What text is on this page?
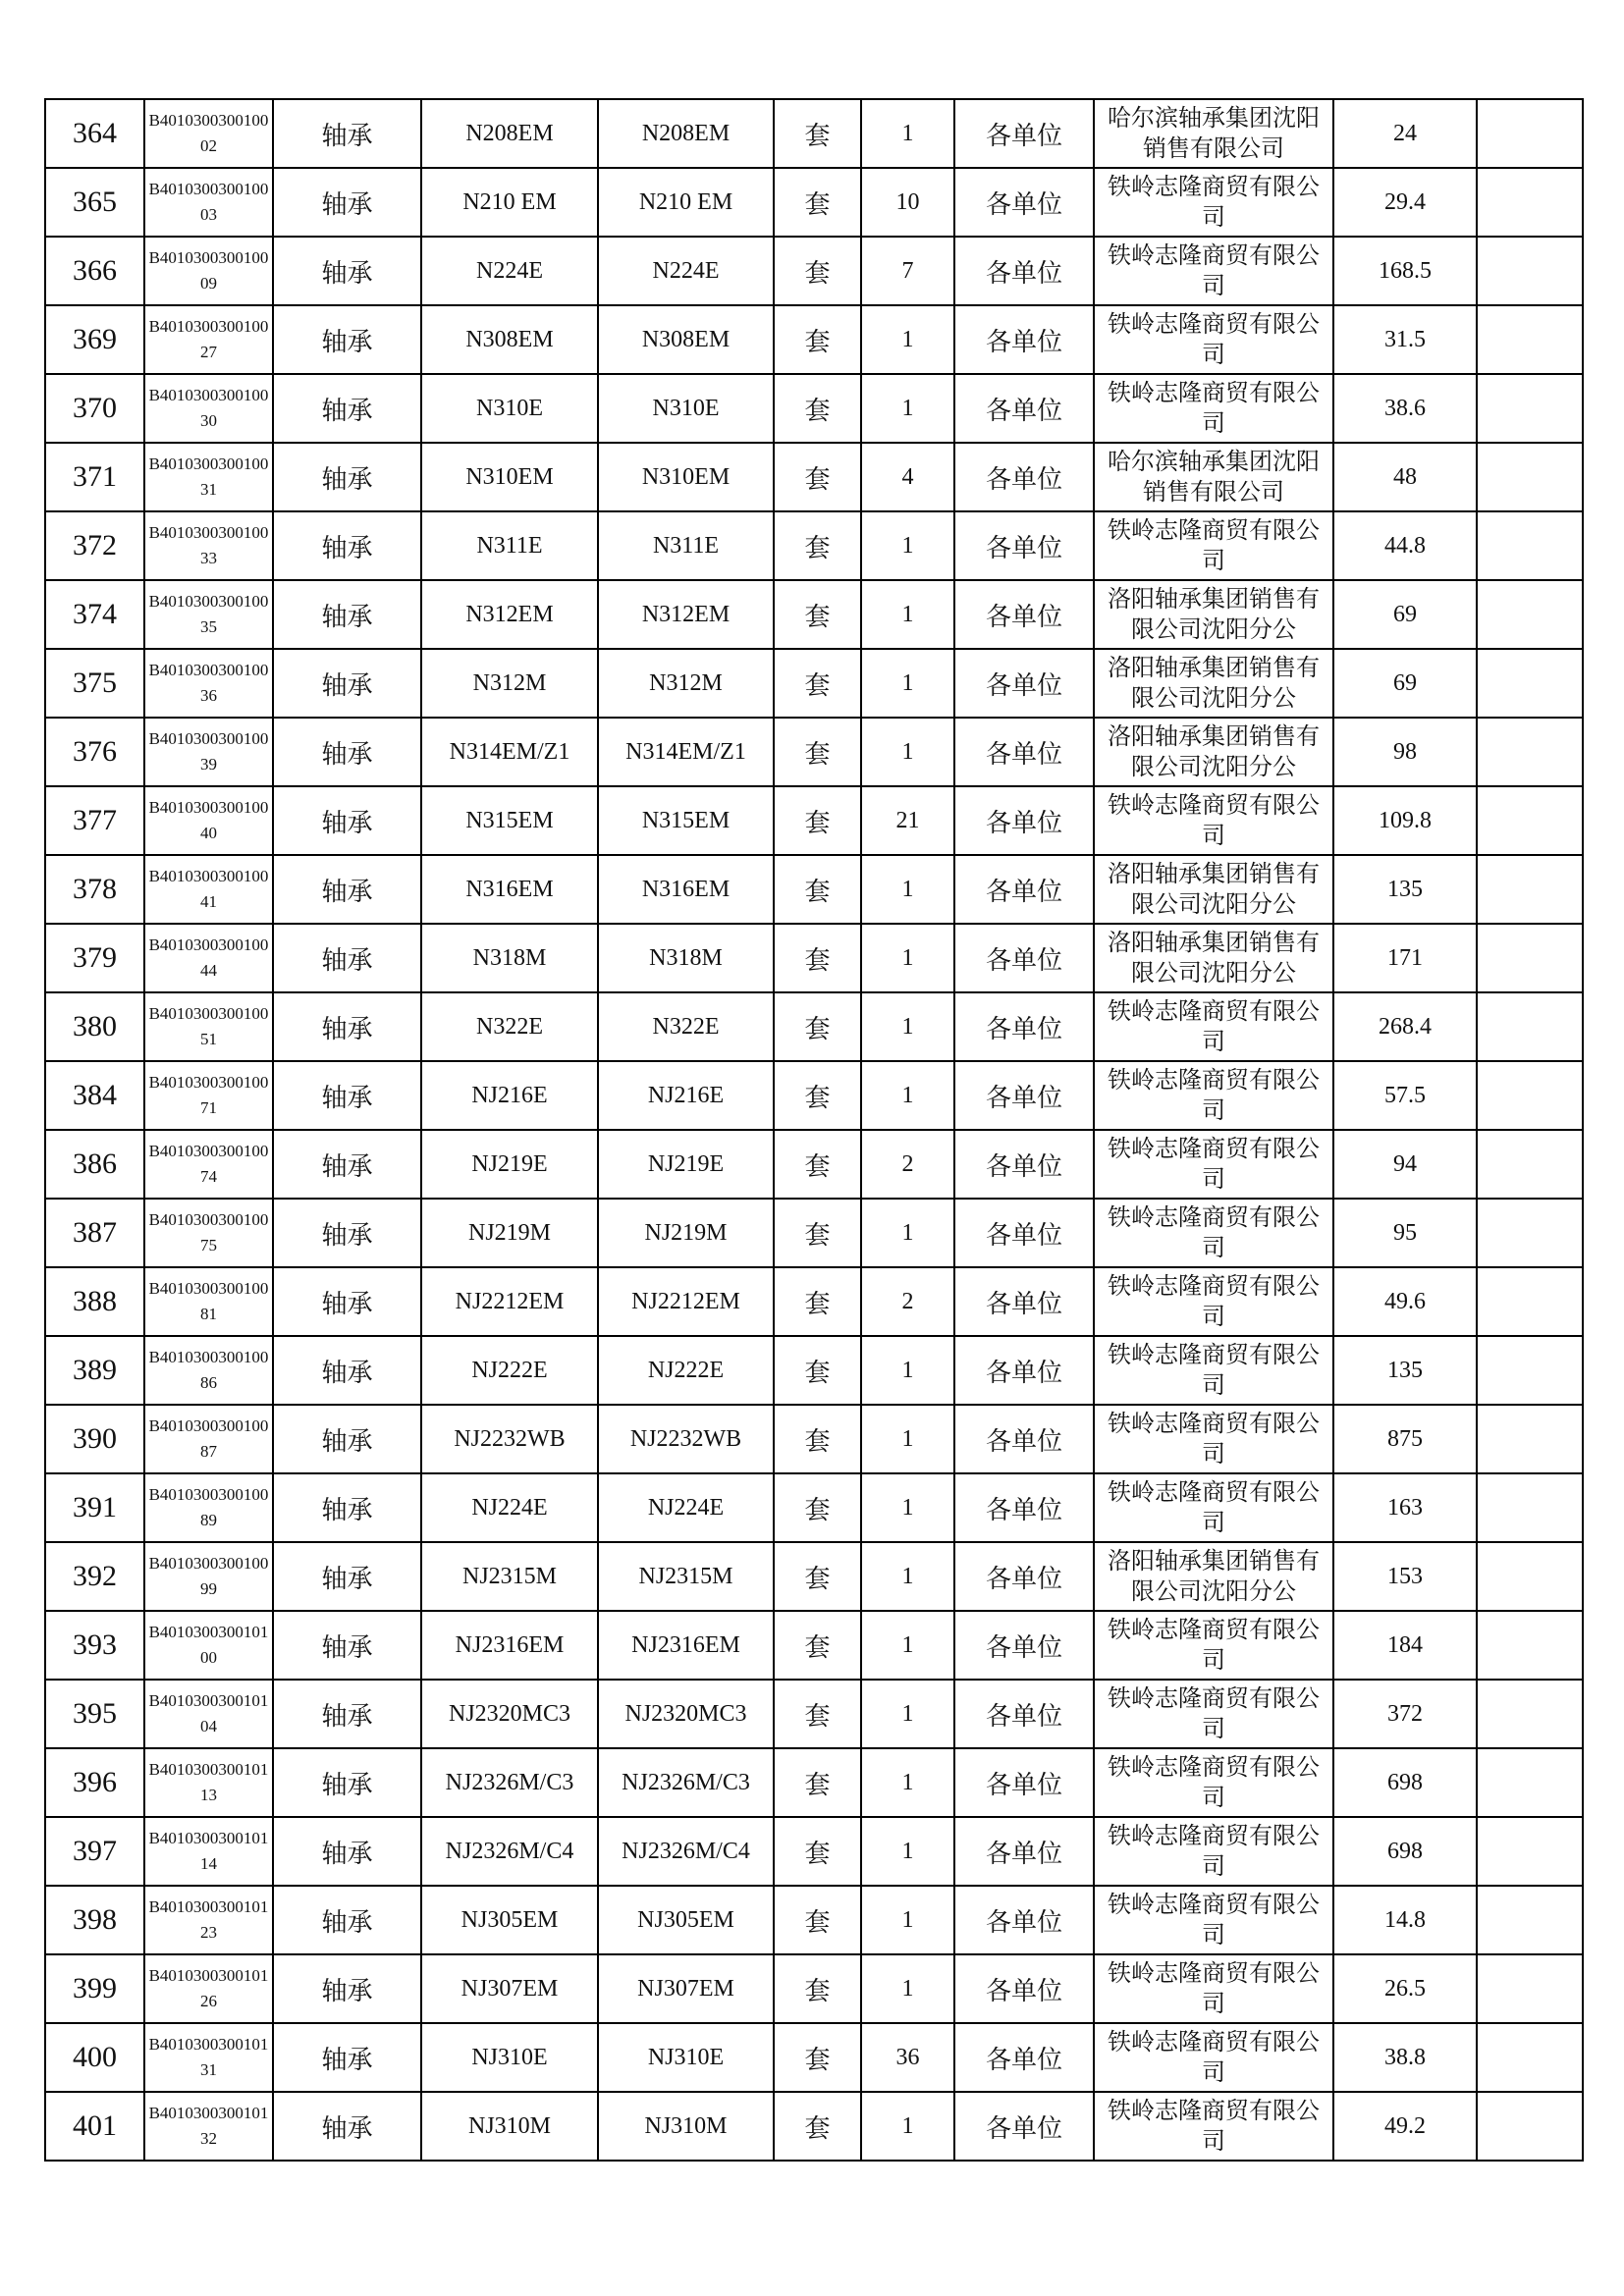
364	B401030030010002	轴承	N208EM	N208EM	套	1	各单位	哈尔滨轴承集团沈阳销售有限公司	24	
365	B401030030010003	轴承	N210 EM	N210 EM	套	10	各单位	铁岭志隆商贸有限公司	29.4	
366	B401030030010009	轴承	N224E	N224E	套	7	各单位	铁岭志隆商贸有限公司	168.5	
369	B401030030010027	轴承	N308EM	N308EM	套	1	各单位	铁岭志隆商贸有限公司	31.5	
370	B401030030010030	轴承	N310E	N310E	套	1	各单位	铁岭志隆商贸有限公司	38.6	
371	B401030030010031	轴承	N310EM	N310EM	套	4	各单位	哈尔滨轴承集团沈阳销售有限公司	48	
372	B401030030010033	轴承	N311E	N311E	套	1	各单位	铁岭志隆商贸有限公司	44.8	
374	B401030030010035	轴承	N312EM	N312EM	套	1	各单位	洛阳轴承集团销售有限公司沈阳分公	69	
375	B401030030010036	轴承	N312M	N312M	套	1	各单位	洛阳轴承集团销售有限公司沈阳分公	69	
376	B401030030010039	轴承	N314EM/Z1	N314EM/Z1	套	1	各单位	洛阳轴承集团销售有限公司沈阳分公	98	
377	B401030030010040	轴承	N315EM	N315EM	套	21	各单位	铁岭志隆商贸有限公司	109.8	
378	B401030030010041	轴承	N316EM	N316EM	套	1	各单位	洛阳轴承集团销售有限公司沈阳分公	135	
379	B401030030010044	轴承	N318M	N318M	套	1	各单位	洛阳轴承集团销售有限公司沈阳分公	171	
380	B401030030010051	轴承	N322E	N322E	套	1	各单位	铁岭志隆商贸有限公司	268.4	
384	B401030030010071	轴承	NJ216E	NJ216E	套	1	各单位	铁岭志隆商贸有限公司	57.5	
386	B401030030010074	轴承	NJ219E	NJ219E	套	2	各单位	铁岭志隆商贸有限公司	94	
387	B401030030010075	轴承	NJ219M	NJ219M	套	1	各单位	铁岭志隆商贸有限公司	95	
388	B401030030010081	轴承	NJ2212EM	NJ2212EM	套	2	各单位	铁岭志隆商贸有限公司	49.6	
389	B401030030010086	轴承	NJ222E	NJ222E	套	1	各单位	铁岭志隆商贸有限公司	135	
390	B401030030010087	轴承	NJ2232WB	NJ2232WB	套	1	各单位	铁岭志隆商贸有限公司	875	
391	B401030030010089	轴承	NJ224E	NJ224E	套	1	各单位	铁岭志隆商贸有限公司	163	
392	B401030030010099	轴承	NJ2315M	NJ2315M	套	1	各单位	洛阳轴承集团销售有限公司沈阳分公	153	
393	B401030030010100	轴承	NJ2316EM	NJ2316EM	套	1	各单位	铁岭志隆商贸有限公司	184	
395	B401030030010104	轴承	NJ2320MC3	NJ2320MC3	套	1	各单位	铁岭志隆商贸有限公司	372	
396	B401030030010113	轴承	NJ2326M/C3	NJ2326M/C3	套	1	各单位	铁岭志隆商贸有限公司	698	
397	B401030030010114	轴承	NJ2326M/C4	NJ2326M/C4	套	1	各单位	铁岭志隆商贸有限公司	698	
398	B401030030010123	轴承	NJ305EM	NJ305EM	套	1	各单位	铁岭志隆商贸有限公司	14.8	
399	B401030030010126	轴承	NJ307EM	NJ307EM	套	1	各单位	铁岭志隆商贸有限公司	26.5	
400	B401030030010131	轴承	NJ310E	NJ310E	套	36	各单位	铁岭志隆商贸有限公司	38.8	
401	B401030030010132	轴承	NJ310M	NJ310M	套	1	各单位	铁岭志隆商贸有限公司	49.2	
